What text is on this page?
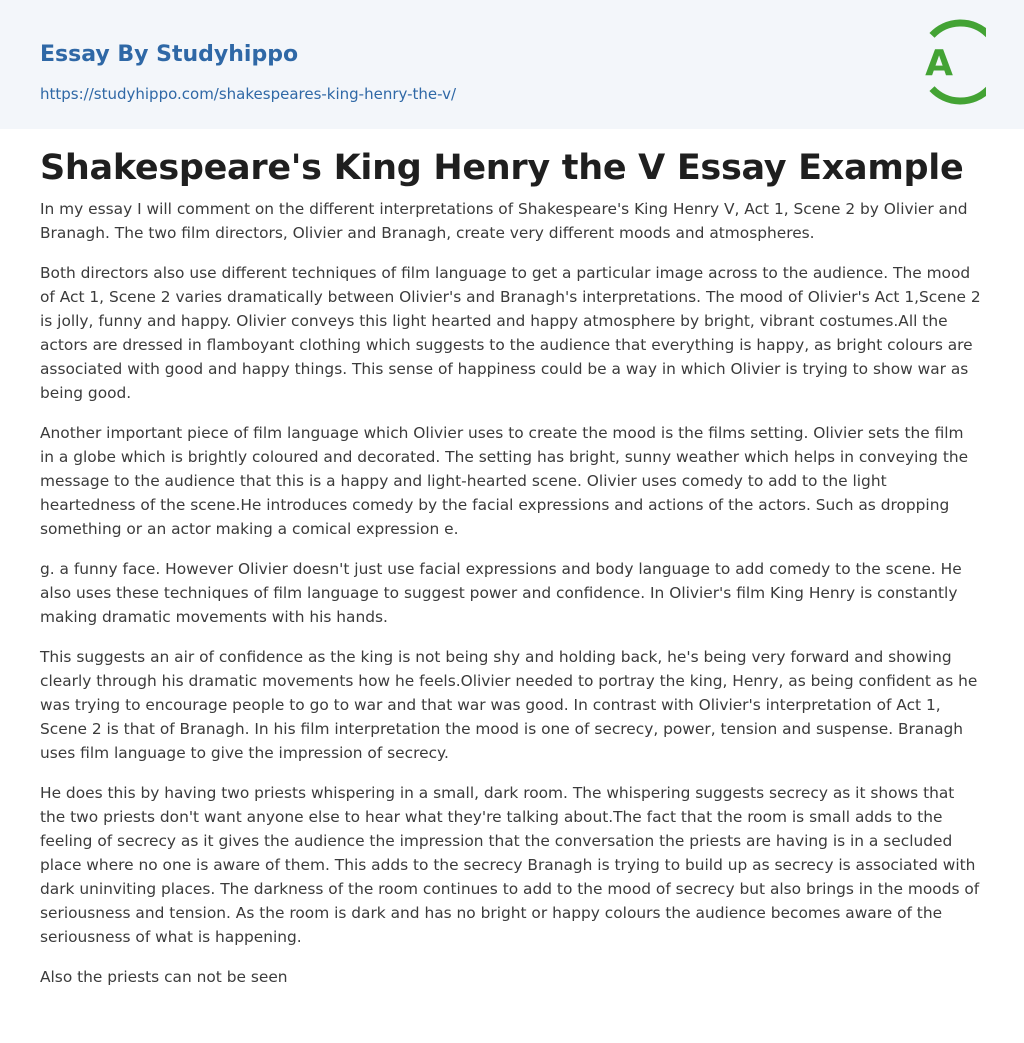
Essay By Studyhippo
https://studyhippo.com/shakespeares-king-henry-the-v/
A
Shakespeare's King Henry the V Essay Example

In my essay I will comment on the different interpretations of Shakespeare's King Henry V, Act 1, Scene 2 by Olivier and Branagh. The two film directors, Olivier and Branagh, create very different moods and atmospheres.

Both directors also use different techniques of film language to get a particular image across to the audience. The mood of Act 1, Scene 2 varies dramatically between Olivier's and Branagh's interpretations. The mood of Olivier's Act 1,Scene 2 is jolly, funny and happy. Olivier conveys this light hearted and happy atmosphere by bright, vibrant costumes.All the actors are dressed in flamboyant clothing which suggests to the audience that everything is happy, as bright colours are associated with good and happy things. This sense of happiness could be a way in which Olivier is trying to show war as being good.

Another important piece of film language which Olivier uses to create the mood is the films setting. Olivier sets the film in a globe which is brightly coloured and decorated. The setting has bright, sunny weather which helps in conveying the message to the audience that this is a happy and light-hearted scene. Olivier uses comedy to add to the light heartedness of the scene.He introduces comedy by the facial expressions and actions of the actors. Such as dropping something or an actor making a comical expression e.

g. a funny face. However Olivier doesn't just use facial expressions and body language to add comedy to the scene. He also uses these techniques of film language to suggest power and confidence. In Olivier's film King Henry is constantly making dramatic movements with his hands.

This suggests an air of confidence as the king is not being shy and holding back, he's being very forward and showing clearly through his dramatic movements how he feels.Olivier needed to portray the king, Henry, as being confident as he was trying to encourage people to go to war and that war was good. In contrast with Olivier's interpretation of Act 1, Scene 2 is that of Branagh. In his film interpretation the mood is one of secrecy, power, tension and suspense. Branagh uses film language to give the impression of secrecy.

He does this by having two priests whispering in a small, dark room. The whispering suggests secrecy as it shows that the two priests don't want anyone else to hear what they're talking about.The fact that the room is small adds to the feeling of secrecy as it gives the audience the impression that the conversation the priests are having is in a secluded place where no one is aware of them. This adds to the secrecy Branagh is trying to build up as secrecy is associated with dark uninviting places. The darkness of the room continues to add to the mood of secrecy but also brings in the moods of seriousness and tension. As the room is dark and has no bright or happy colours the audience becomes aware of the seriousness of what is happening.

Also the priests can not be seen
